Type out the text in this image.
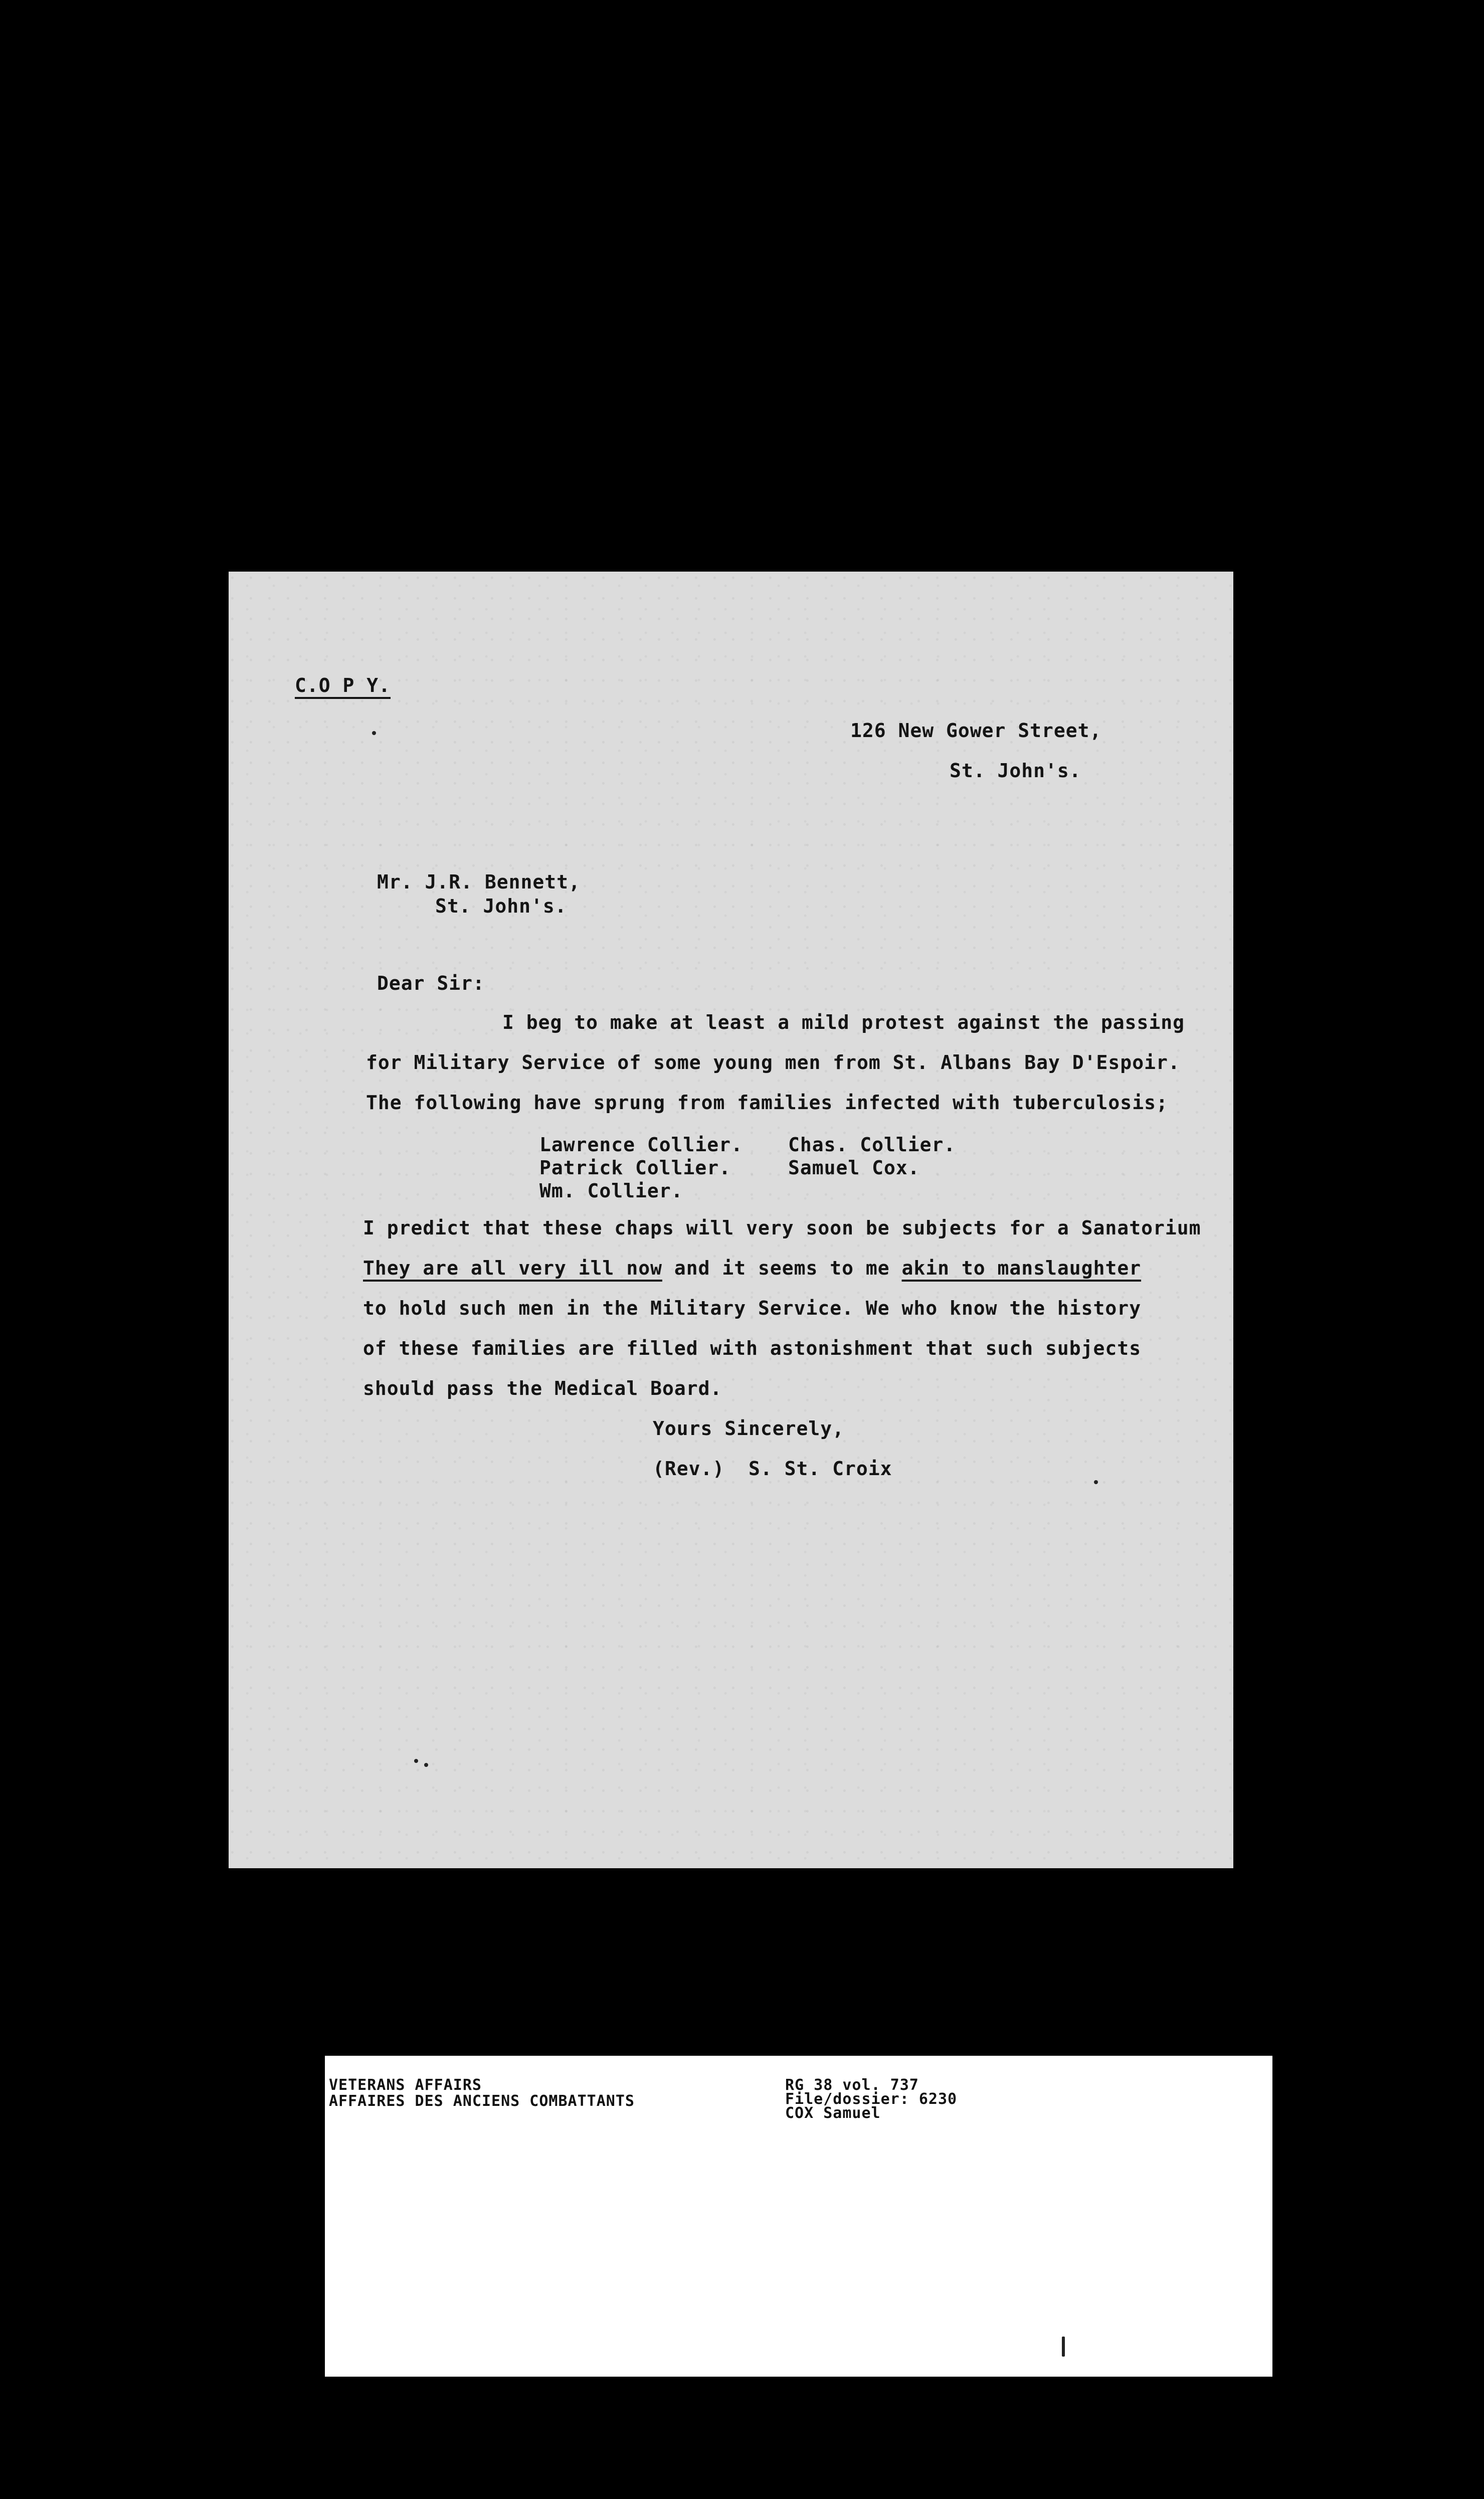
C.O P Y.
126 New Gower Street,
St. John's.
Mr. J.R. Bennett,
St. John's.
Dear Sir:
I beg to make at least a mild protest against the passing
for Military Service of some young men from St. Albans Bay D'Espoir.
The following have sprung from families infected with tuberculosis;
Lawrence Collier.
Patrick Collier.
Wm. Collier.
Chas. Collier.
Samuel Cox.
I predict that these chaps will very soon be subjects for a Sanatorium
They are all very ill now and it seems to me akin to manslaughter
to hold such men in the Military Service. We who know the history
of these families are filled with astonishment that such subjects
should pass the Medical Board.
Yours Sincerely,
(Rev.)  S. St. Croix
VETERANS AFFAIRS
AFFAIRES DES ANCIENS COMBATTANTS
RG 38 vol. 737
File/dossier: 6230
COX Samuel
